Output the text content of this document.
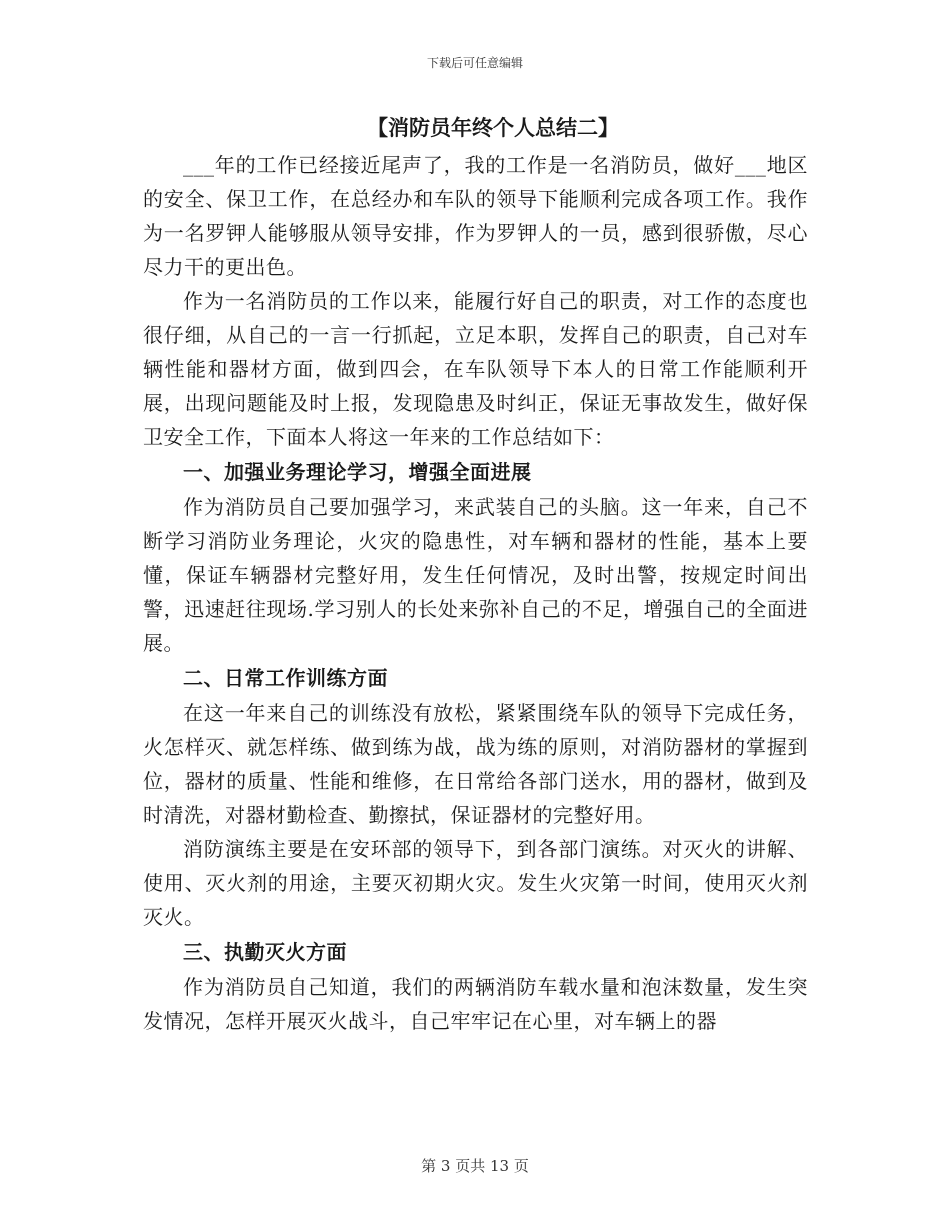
下载后可任意编辑
【消防员年终个人总结二】

___年的工作已经接近尾声了，我的工作是一名消防员，做好___地区的安全、保卫工作，在总经办和车队的领导下能顺利完成各项工作。我作为一名罗钾人能够服从领导安排，作为罗钾人的一员，感到很骄傲，尽心尽力干的更出色。

作为一名消防员的工作以来，能履行好自己的职责，对工作的态度也很仔细，从自己的一言一行抓起，立足本职，发挥自己的职责，自己对车辆性能和器材方面，做到四会，在车队领导下本人的日常工作能顺利开展，出现问题能及时上报，发现隐患及时纠正，保证无事故发生，做好保卫安全工作，下面本人将这一年来的工作总结如下：

一、加强业务理论学习，增强全面进展

作为消防员自己要加强学习，来武装自己的头脑。这一年来，自己不断学习消防业务理论，火灾的隐患性，对车辆和器材的性能，基本上要懂，保证车辆器材完整好用，发生任何情况，及时出警，按规定时间出警，迅速赶往现场.学习别人的长处来弥补自己的不足，增强自己的全面进展。

二、日常工作训练方面

在这一年来自己的训练没有放松，紧紧围绕车队的领导下完成任务，火怎样灭、就怎样练、做到练为战，战为练的原则，对消防器材的掌握到位，器材的质量、性能和维修，在日常给各部门送水，用的器材，做到及时清洗，对器材勤检查、勤擦拭，保证器材的完整好用。

消防演练主要是在安环部的领导下，到各部门演练。对灭火的讲解、使用、灭火剂的用途，主要灭初期火灾。发生火灾第一时间，使用灭火剂灭火。

三、执勤灭火方面

作为消防员自己知道，我们的两辆消防车载水量和泡沫数量，发生突发情况，怎样开展灭火战斗，自己牢牢记在心里，对车辆上的器

第 3 页共 13 页
